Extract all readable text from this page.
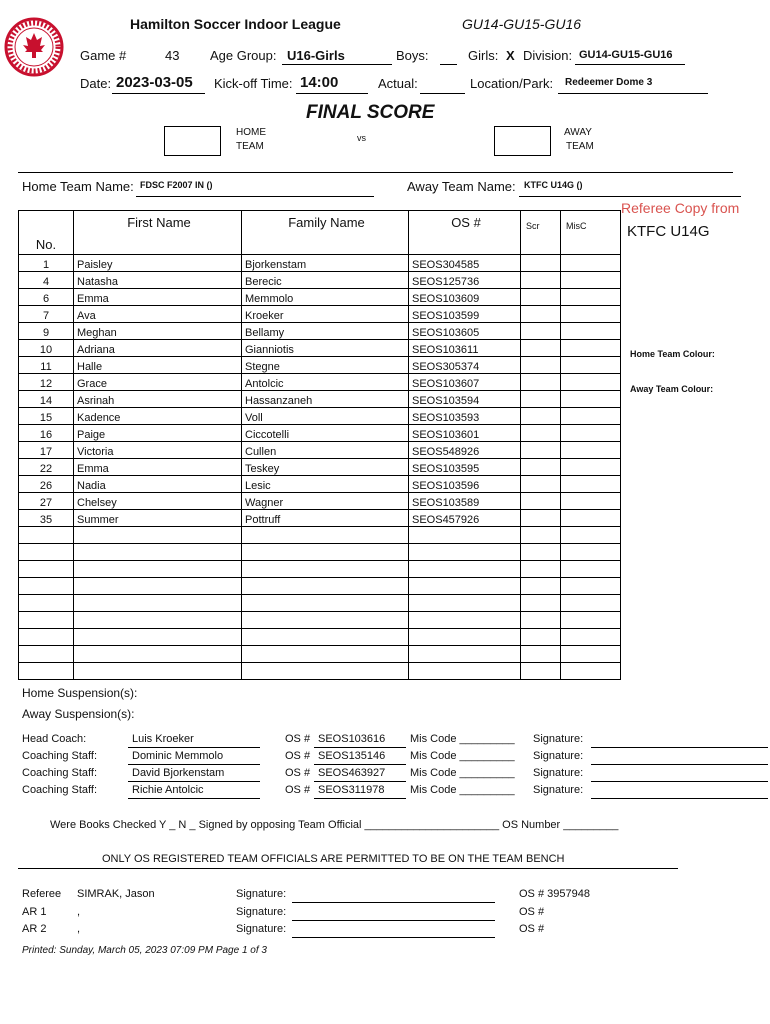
Hamilton Soccer Indoor League	GU14-GU15-GU16
Game #	43 Age Group: U16-Girls	Boys:	Girls: X Division: GU14-GU15-GU16
Date: 2023-03-05 Kick-off Time: 14:00	Actual:	Location/Park: Redeemer Dome 3
FINAL SCORE
HOME
TEAM
vs	AWAY
TEAM
Home Team Name: FDSC F2007 IN ()	Away Team Name: KTFC U14G ()
Referee Copy from
KTFC U14G
Home Team Colour:
Away Team Colour:
No.	First Name	Family Name	OS #	Scr	MisC
1	Paisley	Bjorkenstam	SEOS304585		
4	Natasha	Berecic	SEOS125736		
6	Emma	Memmolo	SEOS103609		
7	Ava	Kroeker	SEOS103599		
9	Meghan	Bellamy	SEOS103605		
10	Adriana	Gianniotis	SEOS103611		
11	Halle	Stegne	SEOS305374		
12	Grace	Antolcic	SEOS103607		
14	Asrinah	Hassanzaneh	SEOS103594		
15	Kadence	Voll	SEOS103593		
16	Paige	Ciccotelli	SEOS103601		
17	Victoria	Cullen	SEOS548926		
22	Emma	Teskey	SEOS103595		
26	Nadia	Lesic	SEOS103596		
27	Chelsey	Wagner	SEOS103589		
35	Summer	Pottruff	SEOS457926		

Home Suspension(s):
Away Suspension(s):
Head Coach:	Luis Kroeker	OS # SEOS103616 Mis Code _________ Signature:
Coaching Staff:	Dominic Memmolo	OS # SEOS135146 Mis Code _________ Signature:
Coaching Staff:	David Bjorkenstam	OS # SEOS463927 Mis Code _________ Signature:
Coaching Staff:	Richie Antolcic	OS # SEOS311978 Mis Code _________ Signature:
Were Books Checked Y _ N _ Signed by opposing Team Official ______________________ OS Number _________
ONLY OS REGISTERED TEAM OFFICIALS ARE PERMITTED TO BE ON THE TEAM BENCH
Referee SIMRAK, Jason	Signature:	OS # 3957948
AR 1	,	Signature:	OS #
AR 2	,	Signature:	OS #
Printed: Sunday, March 05, 2023 07:09 PM Page 1 of 3
